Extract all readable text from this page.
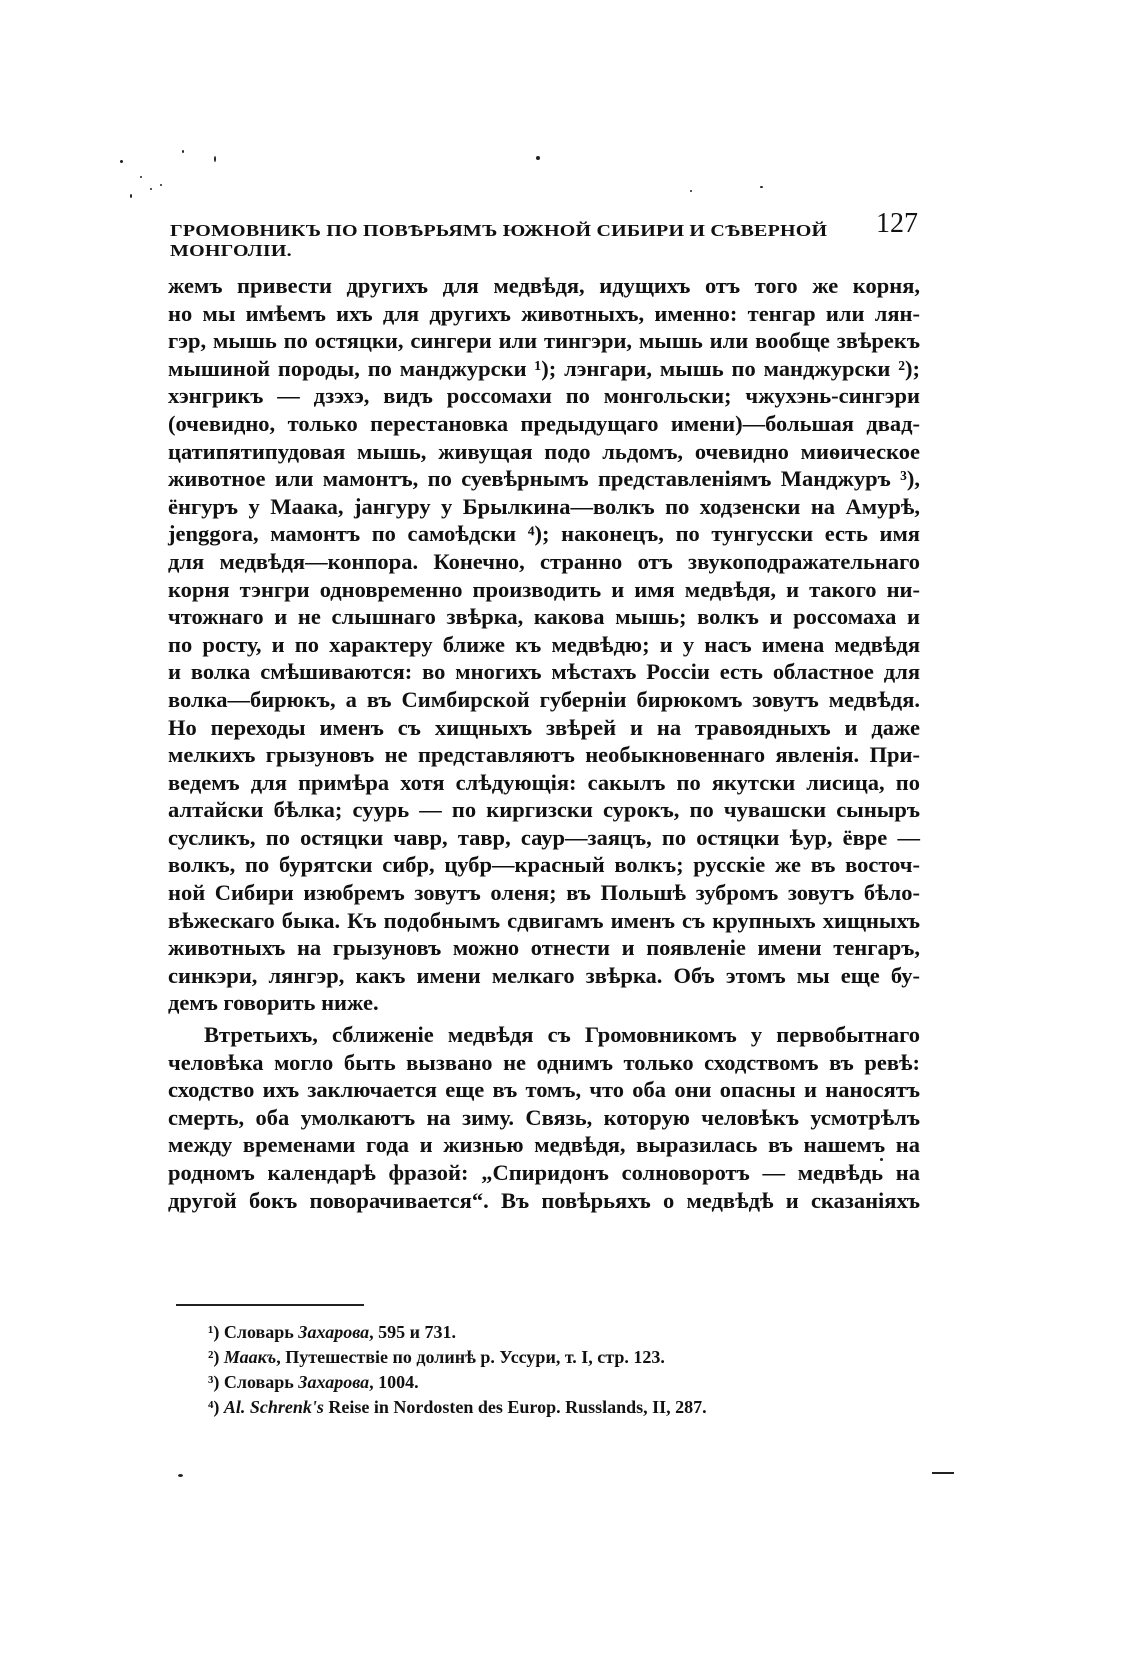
ГРОМОВНИКЪ ПО ПОВѢРЬЯМЪ ЮЖНОЙ СИБИРИ И СѢВЕРНОЙ МОНГОЛІИ.
127
жемъ привести другихъ для медвѣдя, идущихъ отъ того же корня,
но мы имѣемъ ихъ для другихъ животныхъ, именно: тенгар или лян-
гэр, мышь по остяцки, сингери или тингэри, мышь или вообще звѣрекъ
мышиной породы, по манджурски ¹); лэнгари, мышь по манджурски ²);
хэнгрикъ — дзэхэ, видъ россомахи по монгольски; чжухэнь-сингэри
(очевидно, только перестановка предыдущаго имени)—большая двад-
цатипятипудовая мышь, живущая подо льдомъ, очевидно миѳическое
животное или мамонтъ, по суевѣрнымъ представленіямъ Манджуръ ³),
ёнгуръ у Маака, јангуру у Брылкина—волкъ по ходзенски на Амурѣ,
јenggora, мамонтъ по самоѣдски ⁴); наконецъ, по тунгусски есть имя
для медвѣдя—конпора. Конечно, странно отъ звукоподражательнаго
корня тэнгри одновременно производить и имя медвѣдя, и такого ни-
чтожнаго и не слышнаго звѣрка, какова мышь; волкъ и россомаха и
по росту, и по характеру ближе къ медвѣдю; и у насъ имена медвѣдя
и волка смѣшиваются: во многихъ мѣстахъ Россіи есть областное для
волка—бирюкъ, а въ Симбирской губерніи бирюкомъ зовутъ медвѣдя.
Но переходы именъ съ хищныхъ звѣрей и на травоядныхъ и даже
мелкихъ грызуновъ не представляютъ необыкновеннаго явленія. При-
ведемъ для примѣра хотя слѣдующія: сакылъ по якутски лисица, по
алтайски бѣлка; суурь — по киргизски сурокъ, по чувашски сыныръ
сусликъ, по остяцки чавр, тавр, саур—заяцъ, по остяцки ѣур, ёвре —
волкъ, по бурятски сибр, цубр—красный волкъ; русскіе же въ восточ-
ной Сибири изюбремъ зовутъ оленя; въ Польшѣ зубромъ зовутъ бѣло-
вѣжескаго быка. Къ подобнымъ сдвигамъ именъ съ крупныхъ хищныхъ
животныхъ на грызуновъ можно отнести и появленіе имени тенгаръ,
синкэри, лянгэр, какъ имени мелкаго звѣрка. Объ этомъ мы еще бу-
демъ говорить ниже.
Втретьихъ, сближеніе медвѣдя съ Громовникомъ у первобытнаго
человѣка могло быть вызвано не однимъ только сходствомъ въ ревѣ:
сходство ихъ заключается еще въ томъ, что оба они опасны и наносятъ
смерть, оба умолкаютъ на зиму. Связь, которую человѣкъ усмотрѣлъ
между временами года и жизнью медвѣдя, выразилась въ нашемъ на
родномъ календарѣ фразой: „Спиридонъ солноворотъ — медвѣдь на
другой бокъ поворачивается“. Въ повѣрьяхъ о медвѣдѣ и сказаніяхъ
¹) Словарь Захарова, 595 и 731.
²) Маакъ, Путешествіе по долинѣ р. Уссури, т. I, стр. 123.
³) Словарь Захарова, 1004.
⁴) Al. Schrenk's Reise in Nordosten des Europ. Russlands, II, 287.
